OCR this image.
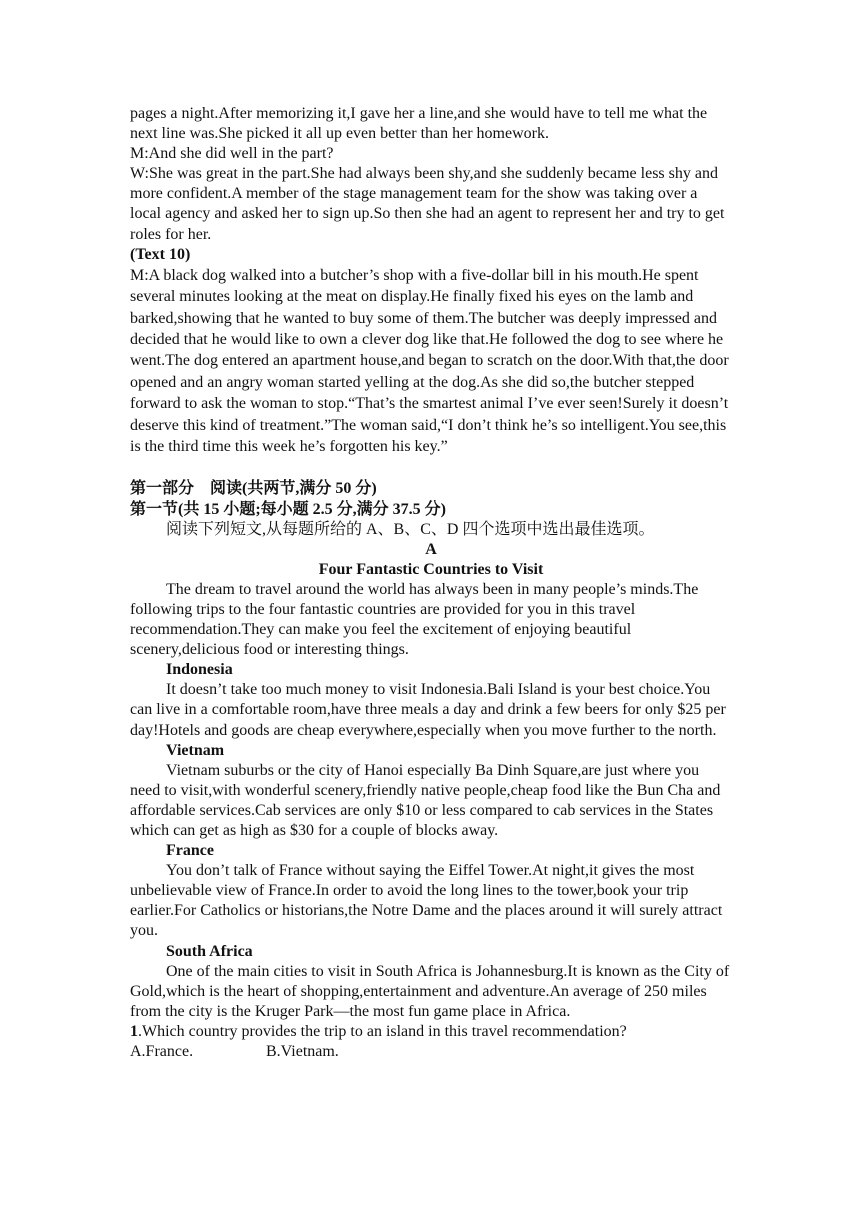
pages a night.After memorizing it,I gave her a line,and she would have to tell me what the next line was.She picked it all up even better than her homework.

M:And she did well in the part?

W:She was great in the part.She had always been shy,and she suddenly became less shy and more confident.A member of the stage management team for the show was taking over a local agency and asked her to sign up.So then she had an agent to represent her and try to get roles for her.

(Text 10)

M:A black dog walked into a butcher’s shop with a five-dollar bill in his mouth.He spent several minutes looking at the meat on display.He finally fixed his eyes on the lamb and barked,showing that he wanted to buy some of them.The butcher was deeply impressed and decided that he would like to own a clever dog like that.He followed the dog to see where he went.The dog entered an apartment house,and began to scratch on the door.With that,the door opened and an angry woman started yelling at the dog.As she did so,the butcher stepped forward to ask the woman to stop.“That’s the smartest animal I’ve ever seen!Surely it doesn’t deserve this kind of treatment.”The woman said,“I don’t think he’s so intelligent.You see,this is the third time this week he’s forgotten his key.”

第一部分　阅读(共两节,满分 50 分)

第一节(共 15 小题;每小题 2.5 分,满分 37.5 分)

阅读下列短文,从每题所给的 A、B、C、D 四个选项中选出最佳选项。

A

Four Fantastic Countries to Visit

The dream to travel around the world has always been in many people’s minds.The following trips to the four fantastic countries are provided for you in this travel recommendation.They can make you feel the excitement of enjoying beautiful scenery,delicious food or interesting things.

Indonesia

It doesn’t take too much money to visit Indonesia.Bali Island is your best choice.You can live in a comfortable room,have three meals a day and drink a few beers for only $25 per day!Hotels and goods are cheap everywhere,especially when you move further to the north.

Vietnam

Vietnam suburbs or the city of Hanoi especially Ba Dinh Square,are just where you need to visit,with wonderful scenery,friendly native people,cheap food like the Bun Cha and affordable services.Cab services are only $10 or less compared to cab services in the States which can get as high as $30 for a couple of blocks away.

France

You don’t talk of France without saying the Eiffel Tower.At night,it gives the most unbelievable view of France.In order to avoid the long lines to the tower,book your trip earlier.For Catholics or historians,the Notre Dame and the places around it will surely attract you.

South Africa

One of the main cities to visit in South Africa is Johannesburg.It is known as the City of Gold,which is the heart of shopping,entertainment and adventure.An average of 250 miles from the city is the Kruger Park—the most fun game place in Africa.

1.Which country provides the trip to an island in this travel recommendation?

A.France.	B.Vietnam.
